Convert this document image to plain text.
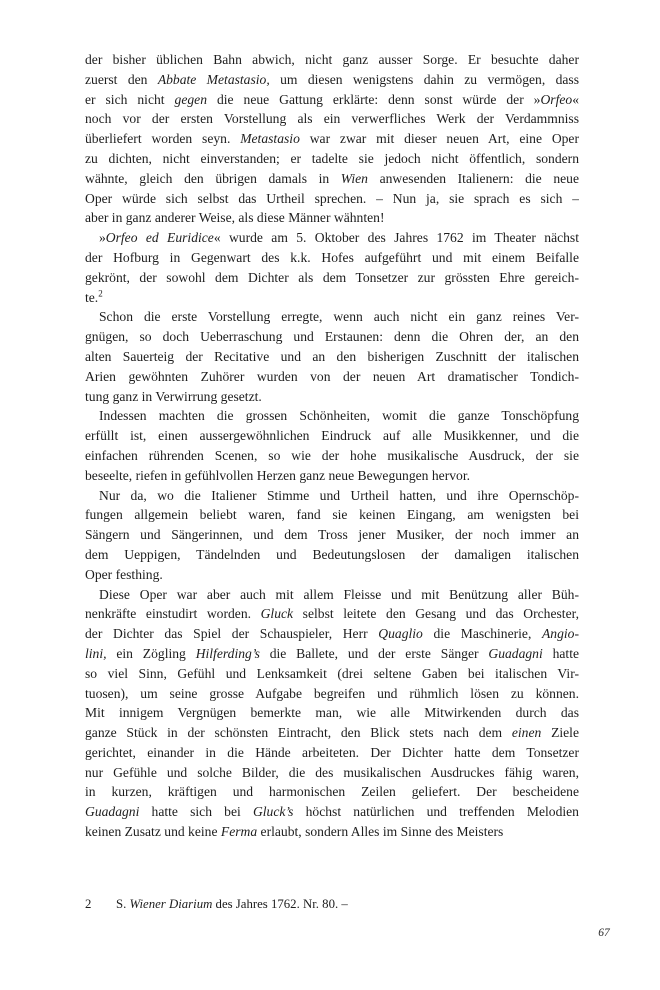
der bisher üblichen Bahn abwich, nicht ganz ausser Sorge. Er besuchte daher
zuerst den Abbate Metastasio, um diesen wenigstens dahin zu vermögen, dass
er sich nicht gegen die neue Gattung erklärte: denn sonst würde der »Orfeo«
noch vor der ersten Vorstellung als ein verwerfliches Werk der Verdammniss
überliefert worden seyn. Metastasio war zwar mit dieser neuen Art, eine Oper
zu dichten, nicht einverstanden; er tadelte sie jedoch nicht öffentlich, sondern
wähnte, gleich den übrigen damals in Wien anwesenden Italienern: die neue
Oper würde sich selbst das Urtheil sprechen. – Nun ja, sie sprach es sich –
aber in ganz anderer Weise, als diese Männer wähnten!
»Orfeo ed Euridice« wurde am 5. Oktober des Jahres 1762 im Theater nächst
der Hofburg in Gegenwart des k.k. Hofes aufgeführt und mit einem Beifalle
gekrönt, der sowohl dem Dichter als dem Tonsetzer zur grössten Ehre gereich-
te.$^2$
Schon die erste Vorstellung erregte, wenn auch nicht ein ganz reines Ver-
gnügen, so doch Ueberraschung und Erstaunen: denn die Ohren der, an den
alten Sauerteig der Recitative und an den bisherigen Zuschnitt der italischen
Arien gewöhnten Zuhörer wurden von der neuen Art dramatischer Tondich-
tung ganz in Verwirrung gesetzt.
Indessen machten die grossen Schönheiten, womit die ganze Tonschöpfung
erfüllt ist, einen aussergewöhnlichen Eindruck auf alle Musikkenner, und die
einfachen rührenden Scenen, so wie der hohe musikalische Ausdruck, der sie
beseelte, riefen in gefühlvollen Herzen ganz neue Bewegungen hervor.
Nur da, wo die Italiener Stimme und Urtheil hatten, und ihre Opernschöp-
fungen allgemein beliebt waren, fand sie keinen Eingang, am wenigsten bei
Sängern und Sängerinnen, und dem Tross jener Musiker, der noch immer an
dem Ueppigen, Tändelnden und Bedeutungslosen der damaligen italischen
Oper festhing.
Diese Oper war aber auch mit allem Fleisse und mit Benützung aller Büh-
nenkräfte einstudirt worden. Gluck selbst leitete den Gesang und das Orchester,
der Dichter das Spiel der Schauspieler, Herr Quaglio die Maschinerie, Angio-
lini, ein Zögling Hilferding’s die Ballete, und der erste Sänger Guadagni hatte
so viel Sinn, Gefühl und Lenksamkeit (drei seltene Gaben bei italischen Vir-
tuosen), um seine grosse Aufgabe begreifen und rühmlich lösen zu können.
Mit innigem Vergnügen bemerkte man, wie alle Mitwirkenden durch das
ganze Stück in der schönsten Eintracht, den Blick stets nach dem einen Ziele
gerichtet, einander in die Hände arbeiteten. Der Dichter hatte dem Tonsetzer
nur Gefühle und solche Bilder, die des musikalischen Ausdruckes fähig waren,
in kurzen, kräftigen und harmonischen Zeilen geliefert. Der bescheidene
Guadagni hatte sich bei Gluck’s höchst natürlichen und treffenden Melodien
keinen Zusatz und keine Ferma erlaubt, sondern Alles im Sinne des Meisters
2	S. Wiener Diarium des Jahres 1762. Nr. 80. –
67
